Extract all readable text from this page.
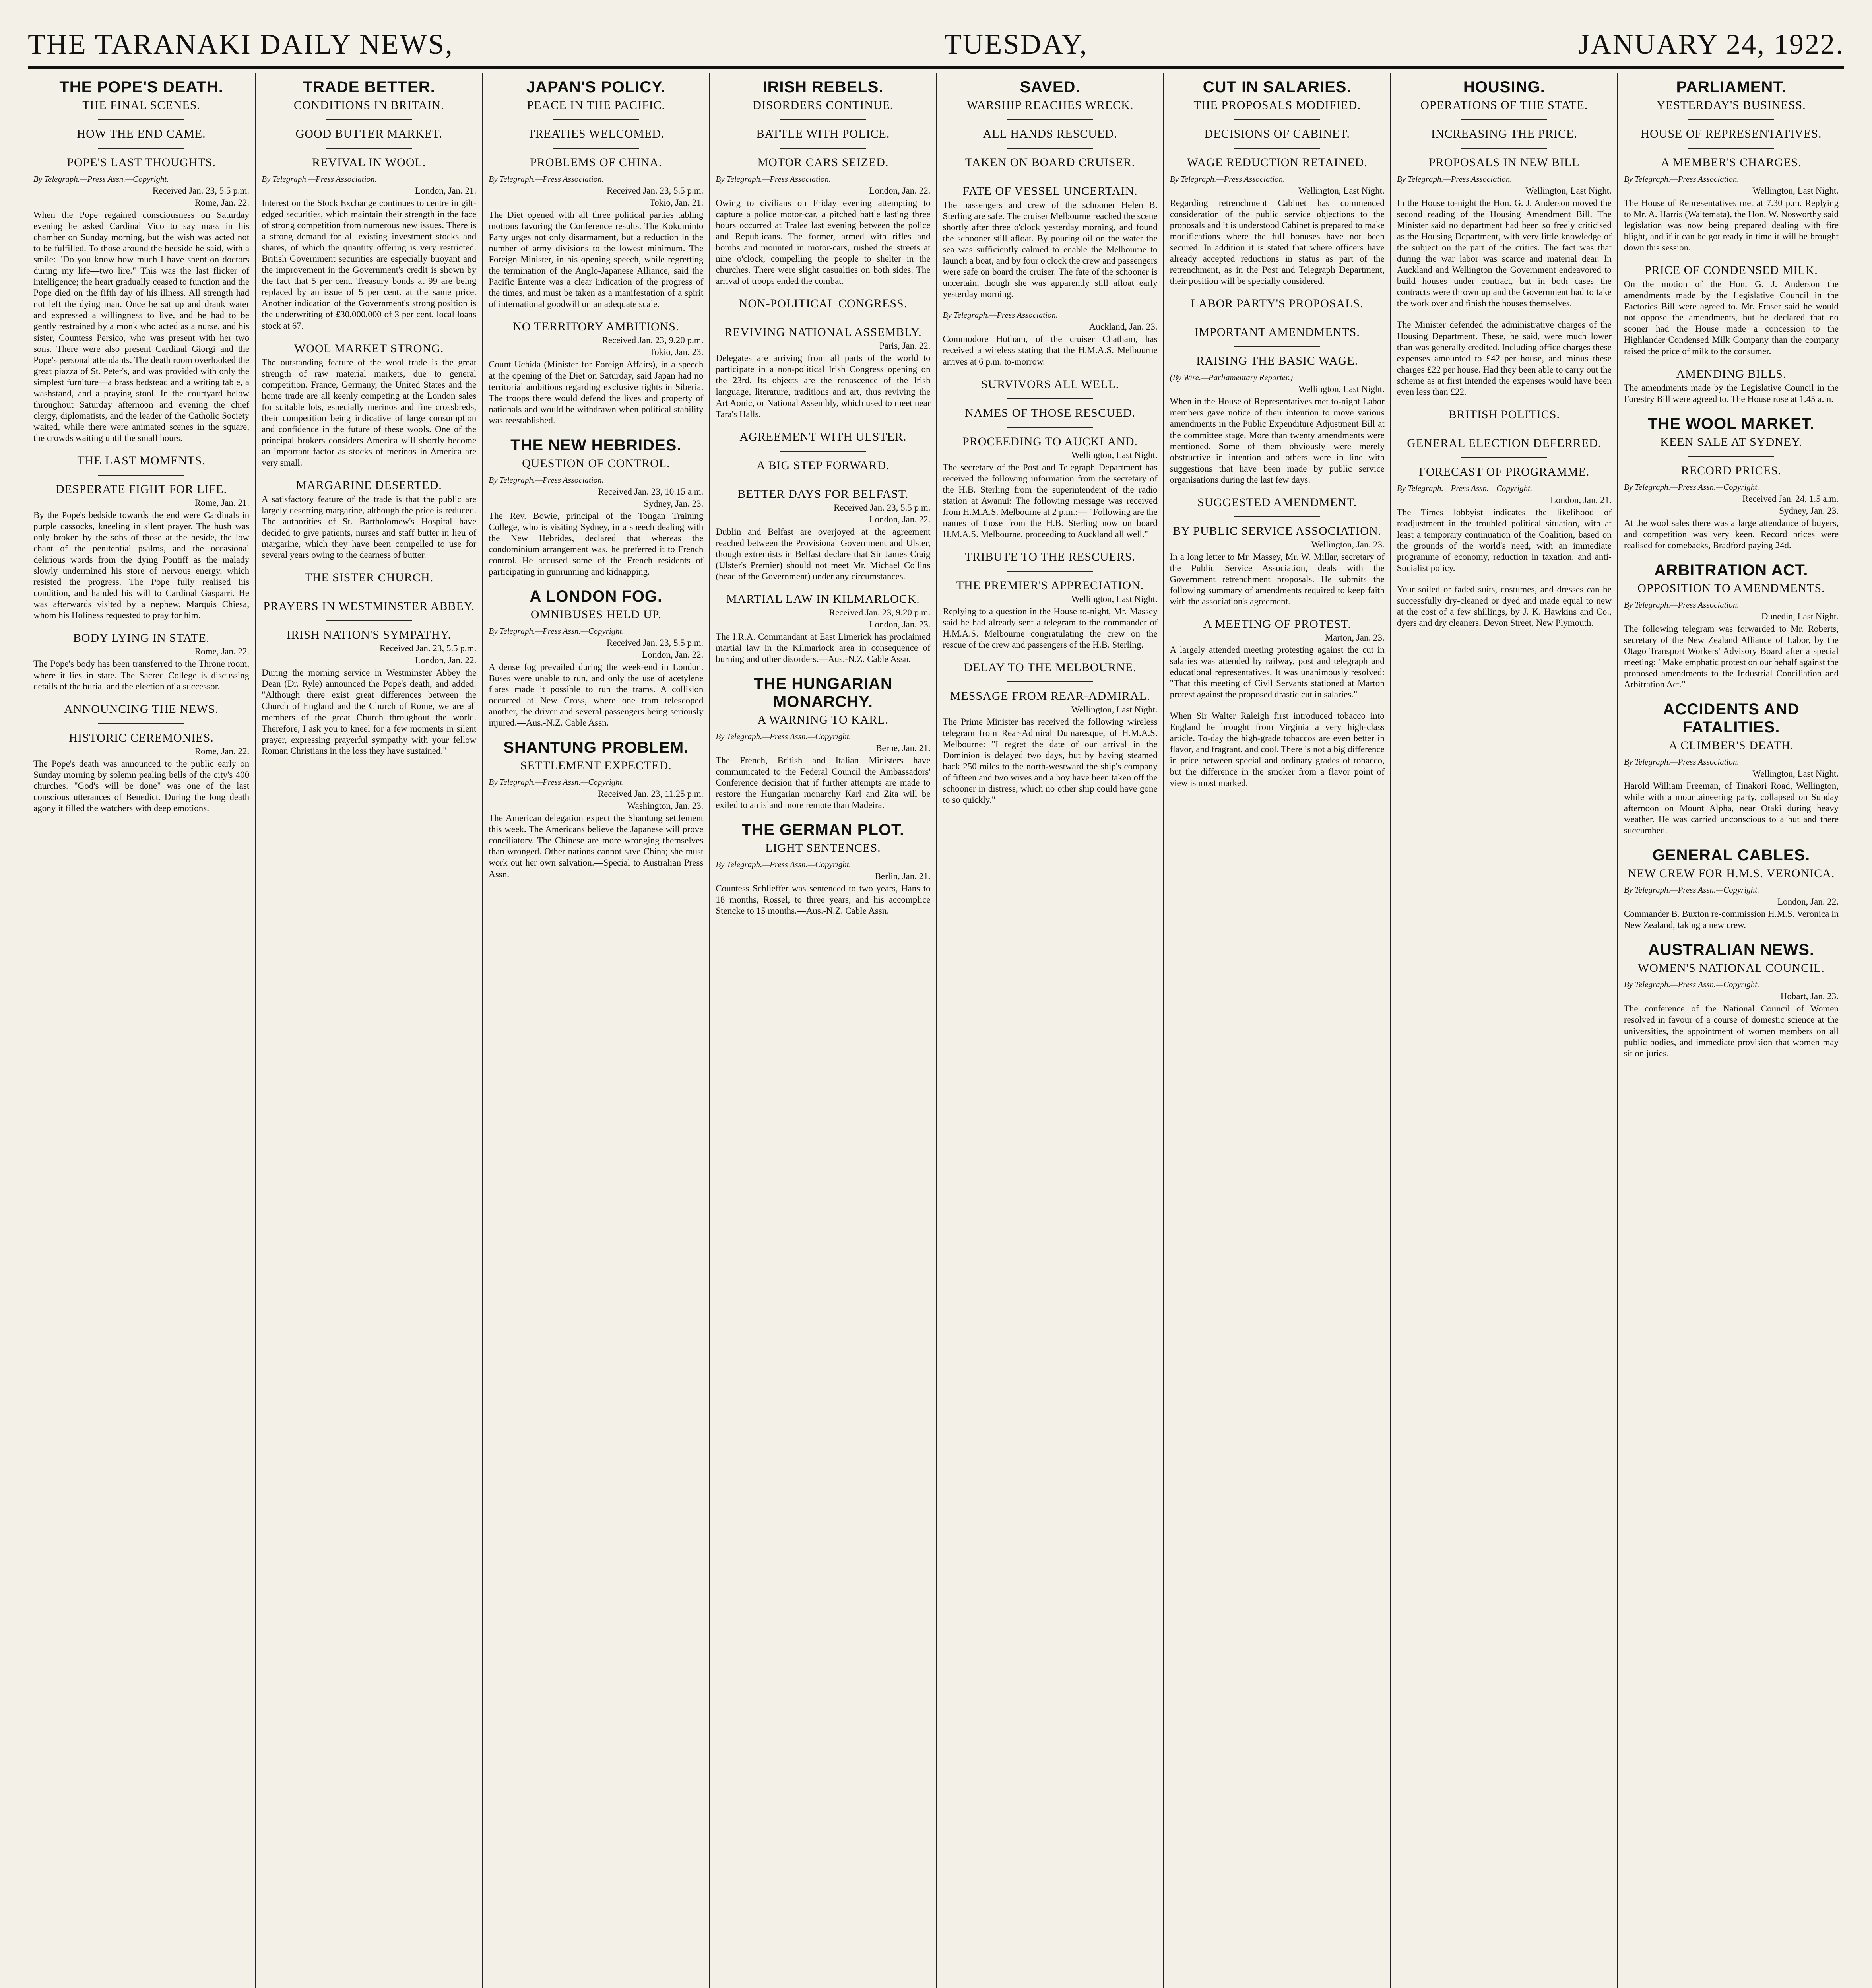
THE TARANAKI DAILY NEWS,	TUESDAY,	JANUARY 24, 1922.
THE POPE'S DEATH.
THE FINAL SCENES.
HOW THE END CAME.
POPE'S LAST THOUGHTS.
By Telegraph.—Press Assn.—Copyright.
Received Jan. 23, 5.5 p.m.
Rome, Jan. 22.
When the Pope regained consciousness on Saturday evening he asked Cardinal Vico to say mass in his chamber on Sunday morning, but the wish was acted not to be fulfilled. To those around the bedside he said, with a smile: "Do you know how much I have spent on doctors during my life—two lire." This was the last flicker of intelligence; the heart gradually ceased to function and the Pope died on the fifth day of his illness. All strength had not left the dying man. Once he sat up and drank water and expressed a willingness to live, and he had to be gently restrained by a monk who acted as a nurse, and his sister, Countess Persico, who was present with her two sons. There were also present Cardinal Giorgi and the Pope's personal attendants. The death room overlooked the great piazza of St. Peter's, and was provided with only the simplest furniture—a brass bedstead and a writing table, a washstand, and a praying stool. In the courtyard below throughout Saturday afternoon and evening the chief clergy, diplomatists, and the leader of the Catholic Society waited, while there were animated scenes in the square, the crowds waiting until the small hours.
THE LAST MOMENTS.
DESPERATE FIGHT FOR LIFE.
Rome, Jan. 21.
By the Pope's bedside towards the end were Cardinals in purple cassocks, kneeling in silent prayer. The hush was only broken by the sobs of those at the beside, the low chant of the penitential psalms, and the occasional delirious words from the dying Pontiff as the malady slowly undermined his store of nervous energy, which resisted the progress. The Pope fully realised his condition, and handed his will to Cardinal Gasparri. He was afterwards visited by a nephew, Marquis Chiesa, whom his Holiness requested to pray for him.
BODY LYING IN STATE.
Rome, Jan. 22.
The Pope's body has been transferred to the Throne room, where it lies in state. The Sacred College is discussing details of the burial and the election of a successor.
ANNOUNCING THE NEWS.
HISTORIC CEREMONIES.
Rome, Jan. 22.
The Pope's death was announced to the public early on Sunday morning by solemn pealing bells of the city's 400 churches. "God's will be done" was one of the last conscious utterances of Benedict. During the long death agony it filled the watchers with deep emotions.
TRADE BETTER.
CONDITIONS IN BRITAIN.
GOOD BUTTER MARKET.
REVIVAL IN WOOL.
By Telegraph.—Press Association.
London, Jan. 21.
Interest on the Stock Exchange continues to centre in gilt-edged securities, which maintain their strength in the face of strong competition from numerous new issues. There is a strong demand for all existing investment stocks and shares, of which the quantity offering is very restricted. British Government securities are especially buoyant and the improvement in the Government's credit is shown by the fact that 5 per cent. Treasury bonds at 99 are being replaced by an issue of 5 per cent. at the same price. Another indication of the Government's strong position is the underwriting of £30,000,000 of 3 per cent. local loans stock at 67.
WOOL MARKET STRONG.
The outstanding feature of the wool trade is the great strength of raw material markets, due to general competition. France, Germany, the United States and the home trade are all keenly competing at the London sales for suitable lots, especially merinos and fine crossbreds, their competition being indicative of large consumption and confidence in the future of these wools. One of the principal brokers considers America will shortly become an important factor as stocks of merinos in America are very small.
MARGARINE DESERTED.
A satisfactory feature of the trade is that the public are largely deserting margarine, although the price is reduced. The authorities of St. Bartholomew's Hospital have decided to give patients, nurses and staff butter in lieu of margarine, which they have been compelled to use for several years owing to the dearness of butter.
THE SISTER CHURCH.
PRAYERS IN WESTMINSTER ABBEY.
IRISH NATION'S SYMPATHY.
Received Jan. 23, 5.5 p.m.
London, Jan. 22.
During the morning service in Westminster Abbey the Dean (Dr. Ryle) announced the Pope's death, and added: "Although there exist great differences between the Church of England and the Church of Rome, we are all members of the great Church throughout the world. Therefore, I ask you to kneel for a few moments in silent prayer, expressing prayerful sympathy with your fellow Roman Christians in the loss they have sustained."
JAPAN'S POLICY.
PEACE IN THE PACIFIC.
TREATIES WELCOMED.
PROBLEMS OF CHINA.
By Telegraph.—Press Association.
Received Jan. 23, 5.5 p.m.
Tokio, Jan. 21.
The Diet opened with all three political parties tabling motions favoring the Conference results. The Kokuminto Party urges not only disarmament, but a reduction in the number of army divisions to the lowest minimum. The Foreign Minister, in his opening speech, while regretting the termination of the Anglo-Japanese Alliance, said the Pacific Entente was a clear indication of the progress of the times, and must be taken as a manifestation of a spirit of international goodwill on an adequate scale.
NO TERRITORY AMBITIONS.
Received Jan. 23, 9.20 p.m.
Tokio, Jan. 23.
Count Uchida (Minister for Foreign Affairs), in a speech at the opening of the Diet on Saturday, said Japan had no territorial ambitions regarding exclusive rights in Siberia. The troops there would defend the lives and property of nationals and would be withdrawn when political stability was reestablished.
THE NEW HEBRIDES.
QUESTION OF CONTROL.
By Telegraph.—Press Association.
Received Jan. 23, 10.15 a.m.
Sydney, Jan. 23.
The Rev. Bowie, principal of the Tongan Training College, who is visiting Sydney, in a speech dealing with the New Hebrides, declared that whereas the condominium arrangement was, he preferred it to French control. He accused some of the French residents of participating in gunrunning and kidnapping.
A LONDON FOG.
OMNIBUSES HELD UP.
By Telegraph.—Press Assn.—Copyright.
Received Jan. 23, 5.5 p.m.
London, Jan. 22.
A dense fog prevailed during the week-end in London. Buses were unable to run, and only the use of acetylene flares made it possible to run the trams. A collision occurred at New Cross, where one tram telescoped another, the driver and several passengers being seriously injured.—Aus.-N.Z. Cable Assn.
SHANTUNG PROBLEM.
SETTLEMENT EXPECTED.
By Telegraph.—Press Assn.—Copyright.
Received Jan. 23, 11.25 p.m.
Washington, Jan. 23.
The American delegation expect the Shantung settlement this week. The Americans believe the Japanese will prove conciliatory. The Chinese are more wronging themselves than wronged. Other nations cannot save China; she must work out her own salvation.—Special to Australian Press Assn.
IRISH REBELS.
DISORDERS CONTINUE.
BATTLE WITH POLICE.
MOTOR CARS SEIZED.
By Telegraph.—Press Association.
London, Jan. 22.
Owing to civilians on Friday evening attempting to capture a police motor-car, a pitched battle lasting three hours occurred at Tralee last evening between the police and Republicans. The former, armed with rifles and bombs and mounted in motor-cars, rushed the streets at nine o'clock, compelling the people to shelter in the churches. There were slight casualties on both sides. The arrival of troops ended the combat.
NON-POLITICAL CONGRESS.
REVIVING NATIONAL ASSEMBLY.
Paris, Jan. 22.
Delegates are arriving from all parts of the world to participate in a non-political Irish Congress opening on the 23rd. Its objects are the renascence of the Irish language, literature, traditions and art, thus reviving the Art Aonic, or National Assembly, which used to meet near Tara's Halls.
AGREEMENT WITH ULSTER.
A BIG STEP FORWARD.
BETTER DAYS FOR BELFAST.
Received Jan. 23, 5.5 p.m.
London, Jan. 22.
Dublin and Belfast are overjoyed at the agreement reached between the Provisional Government and Ulster, though extremists in Belfast declare that Sir James Craig (Ulster's Premier) should not meet Mr. Michael Collins (head of the Government) under any circumstances.
MARTIAL LAW IN KILMARLOCK.
Received Jan. 23, 9.20 p.m.
London, Jan. 23.
The I.R.A. Commandant at East Limerick has proclaimed martial law in the Kilmarlock area in consequence of burning and other disorders.—Aus.-N.Z. Cable Assn.
THE HUNGARIAN MONARCHY.
A WARNING TO KARL.
By Telegraph.—Press Assn.—Copyright.
Berne, Jan. 21.
The French, British and Italian Ministers have communicated to the Federal Council the Ambassadors' Conference decision that if further attempts are made to restore the Hungarian monarchy Karl and Zita will be exiled to an island more remote than Madeira.
THE GERMAN PLOT.
LIGHT SENTENCES.
By Telegraph.—Press Assn.—Copyright.
Berlin, Jan. 21.
Countess Schlieffer was sentenced to two years, Hans to 18 months, Rossel, to three years, and his accomplice Stencke to 15 months.—Aus.-N.Z. Cable Assn.
SAVED.
WARSHIP REACHES WRECK.
ALL HANDS RESCUED.
TAKEN ON BOARD CRUISER.
FATE OF VESSEL UNCERTAIN.
The passengers and crew of the schooner Helen B. Sterling are safe. The cruiser Melbourne reached the scene shortly after three o'clock yesterday morning, and found the schooner still afloat. By pouring oil on the water the sea was sufficiently calmed to enable the Melbourne to launch a boat, and by four o'clock the crew and passengers were safe on board the cruiser. The fate of the schooner is uncertain, though she was apparently still afloat early yesterday morning.
By Telegraph.—Press Association.
Auckland, Jan. 23.
Commodore Hotham, of the cruiser Chatham, has received a wireless stating that the H.M.A.S. Melbourne arrives at 6 p.m. to-morrow.
SURVIVORS ALL WELL.
NAMES OF THOSE RESCUED.
PROCEEDING TO AUCKLAND.
Wellington, Last Night.
The secretary of the Post and Telegraph Department has received the following information from the secretary of the H.B. Sterling from the superintendent of the radio station at Awanui: The following message was received from H.M.A.S. Melbourne at 2 p.m.:— "Following are the names of those from the H.B. Sterling now on board H.M.A.S. Melbourne, proceeding to Auckland all well."
TRIBUTE TO THE RESCUERS.
THE PREMIER'S APPRECIATION.
Wellington, Last Night.
Replying to a question in the House to-night, Mr. Massey said he had already sent a telegram to the commander of H.M.A.S. Melbourne congratulating the crew on the rescue of the crew and passengers of the H.B. Sterling.
DELAY TO THE MELBOURNE.
MESSAGE FROM REAR-ADMIRAL.
Wellington, Last Night.
The Prime Minister has received the following wireless telegram from Rear-Admiral Dumaresque, of H.M.A.S. Melbourne: "I regret the date of our arrival in the Dominion is delayed two days, but by having steamed back 250 miles to the north-westward the ship's company of fifteen and two wives and a boy have been taken off the schooner in distress, which no other ship could have gone to so quickly."
CUT IN SALARIES.
THE PROPOSALS MODIFIED.
DECISIONS OF CABINET.
WAGE REDUCTION RETAINED.
By Telegraph.—Press Association.
Wellington, Last Night.
Regarding retrenchment Cabinet has commenced consideration of the public service objections to the proposals and it is understood Cabinet is prepared to make modifications where the full bonuses have not been secured. In addition it is stated that where officers have already accepted reductions in status as part of the retrenchment, as in the Post and Telegraph Department, their position will be specially considered.
LABOR PARTY'S PROPOSALS.
IMPORTANT AMENDMENTS.
RAISING THE BASIC WAGE.
(By Wire.—Parliamentary Reporter.)
Wellington, Last Night.
When in the House of Representatives met to-night Labor members gave notice of their intention to move various amendments in the Public Expenditure Adjustment Bill at the committee stage. More than twenty amendments were mentioned. Some of them obviously were merely obstructive in intention and others were in line with suggestions that have been made by public service organisations during the last few days.
SUGGESTED AMENDMENT.
BY PUBLIC SERVICE ASSOCIATION.
Wellington, Jan. 23.
In a long letter to Mr. Massey, Mr. W. Millar, secretary of the Public Service Association, deals with the Government retrenchment proposals. He submits the following summary of amendments required to keep faith with the association's agreement.
A MEETING OF PROTEST.
Marton, Jan. 23.
A largely attended meeting protesting against the cut in salaries was attended by railway, post and telegraph and educational representatives. It was unanimously resolved: "That this meeting of Civil Servants stationed at Marton protest against the proposed drastic cut in salaries."
When Sir Walter Raleigh first introduced tobacco into England he brought from Virginia a very high-class article. To-day the high-grade tobaccos are even better in flavor, and fragrant, and cool. There is not a big difference in price between special and ordinary grades of tobacco, but the difference in the smoker from a flavor point of view is most marked.
HOUSING.
OPERATIONS OF THE STATE.
INCREASING THE PRICE.
PROPOSALS IN NEW BILL
By Telegraph.—Press Association.
Wellington, Last Night.
In the House to-night the Hon. G. J. Anderson moved the second reading of the Housing Amendment Bill. The Minister said no department had been so freely criticised as the Housing Department, with very little knowledge of the subject on the part of the critics. The fact was that during the war labor was scarce and material dear. In Auckland and Wellington the Government endeavored to build houses under contract, but in both cases the contracts were thrown up and the Government had to take the work over and finish the houses themselves.
The Minister defended the administrative charges of the Housing Department. These, he said, were much lower than was generally credited. Including office charges these expenses amounted to £42 per house, and minus these charges £22 per house. Had they been able to carry out the scheme as at first intended the expenses would have been even less than £22.
BRITISH POLITICS.
GENERAL ELECTION DEFERRED.
FORECAST OF PROGRAMME.
By Telegraph.—Press Assn.—Copyright.
London, Jan. 21.
The Times lobbyist indicates the likelihood of readjustment in the troubled political situation, with at least a temporary continuation of the Coalition, based on the grounds of the world's need, with an immediate programme of economy, reduction in taxation, and anti-Socialist policy.
Your soiled or faded suits, costumes, and dresses can be successfully dry-cleaned or dyed and made equal to new at the cost of a few shillings, by J. K. Hawkins and Co., dyers and dry cleaners, Devon Street, New Plymouth.
PARLIAMENT.
YESTERDAY'S BUSINESS.
HOUSE OF REPRESENTATIVES.
A MEMBER'S CHARGES.
By Telegraph.—Press Association.
Wellington, Last Night.
The House of Representatives met at 7.30 p.m. Replying to Mr. A. Harris (Waitemata), the Hon. W. Nosworthy said legislation was now being prepared dealing with fire blight, and if it can be got ready in time it will be brought down this session.
PRICE OF CONDENSED MILK.
On the motion of the Hon. G. J. Anderson the amendments made by the Legislative Council in the Factories Bill were agreed to. Mr. Fraser said he would not oppose the amendments, but he declared that no sooner had the House made a concession to the Highlander Condensed Milk Company than the company raised the price of milk to the consumer.
AMENDING BILLS.
The amendments made by the Legislative Council in the Forestry Bill were agreed to. The House rose at 1.45 a.m.
THE WOOL MARKET.
KEEN SALE AT SYDNEY.
RECORD PRICES.
By Telegraph.—Press Assn.—Copyright.
Received Jan. 24, 1.5 a.m.
Sydney, Jan. 23.
At the wool sales there was a large attendance of buyers, and competition was very keen. Record prices were realised for comebacks, Bradford paying 24d.
ARBITRATION ACT.
OPPOSITION TO AMENDMENTS.
By Telegraph.—Press Association.
Dunedin, Last Night.
The following telegram was forwarded to Mr. Roberts, secretary of the New Zealand Alliance of Labor, by the Otago Transport Workers' Advisory Board after a special meeting: "Make emphatic protest on our behalf against the proposed amendments to the Industrial Conciliation and Arbitration Act."
ACCIDENTS AND FATALITIES.
A CLIMBER'S DEATH.
By Telegraph.—Press Association.
Wellington, Last Night.
Harold William Freeman, of Tinakori Road, Wellington, while with a mountaineering party, collapsed on Sunday afternoon on Mount Alpha, near Otaki during heavy weather. He was carried unconscious to a hut and there succumbed.
GENERAL CABLES.
NEW CREW FOR H.M.S. VERONICA.
By Telegraph.—Press Assn.—Copyright.
London, Jan. 22.
Commander B. Buxton re-commission H.M.S. Veronica in New Zealand, taking a new crew.
AUSTRALIAN NEWS.
WOMEN'S NATIONAL COUNCIL.
By Telegraph.—Press Assn.—Copyright.
Hobart, Jan. 23.
The conference of the National Council of Women resolved in favour of a course of domestic science at the universities, the appointment of women members on all public bodies, and immediate provision that women may sit on juries.
